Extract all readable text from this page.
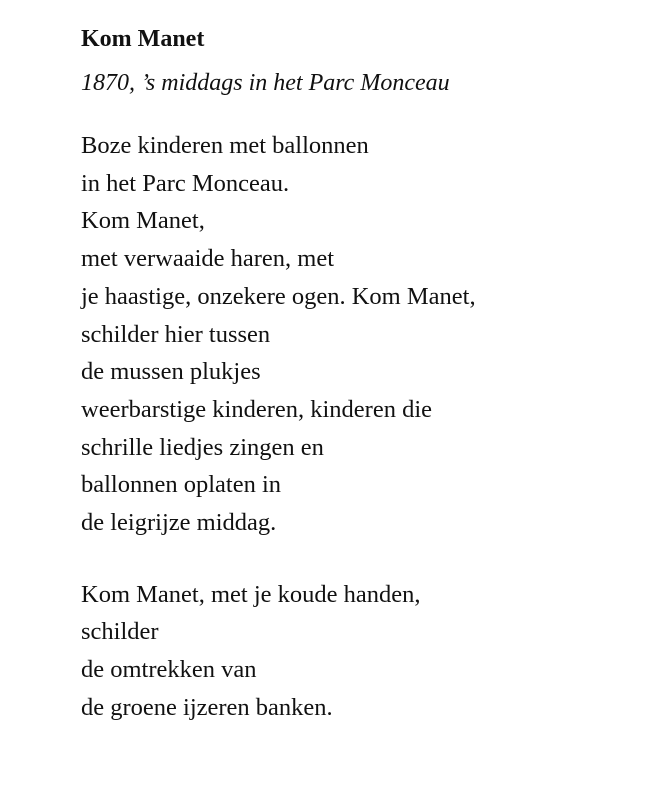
Kom Manet

1870, ’s middags in het Parc Monceau

Boze kinderen met ballonnen
in het Parc Monceau.
Kom Manet,
met verwaaide haren, met
je haastige, onzekere ogen. Kom Manet,
schilder hier tussen
de mussen plukjes
weerbarstige kinderen, kinderen die
schrille liedjes zingen en
ballonnen oplaten in
de leigrijze middag.
Kom Manet, met je koude handen,
schilder
de omtrekken van
de groene ijzeren banken.
